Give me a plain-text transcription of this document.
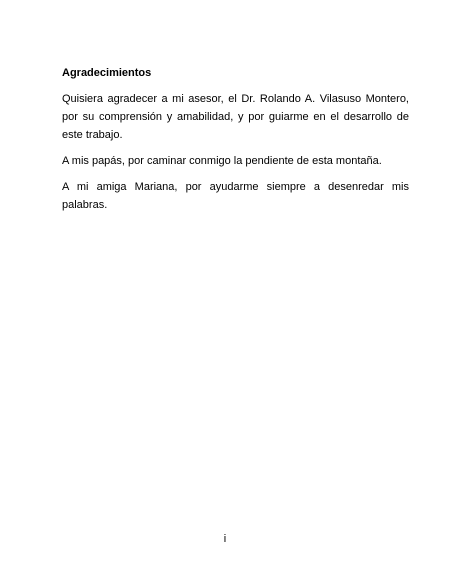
Agradecimientos

Quisiera agradecer a mi asesor, el Dr. Rolando A. Vilasuso Montero, por su comprensión y amabilidad, y por guiarme en el desarrollo de este trabajo.

A mis papás, por caminar conmigo la pendiente de esta montaña.

A mi amiga Mariana, por ayudarme siempre a desenredar mis palabras.

i
